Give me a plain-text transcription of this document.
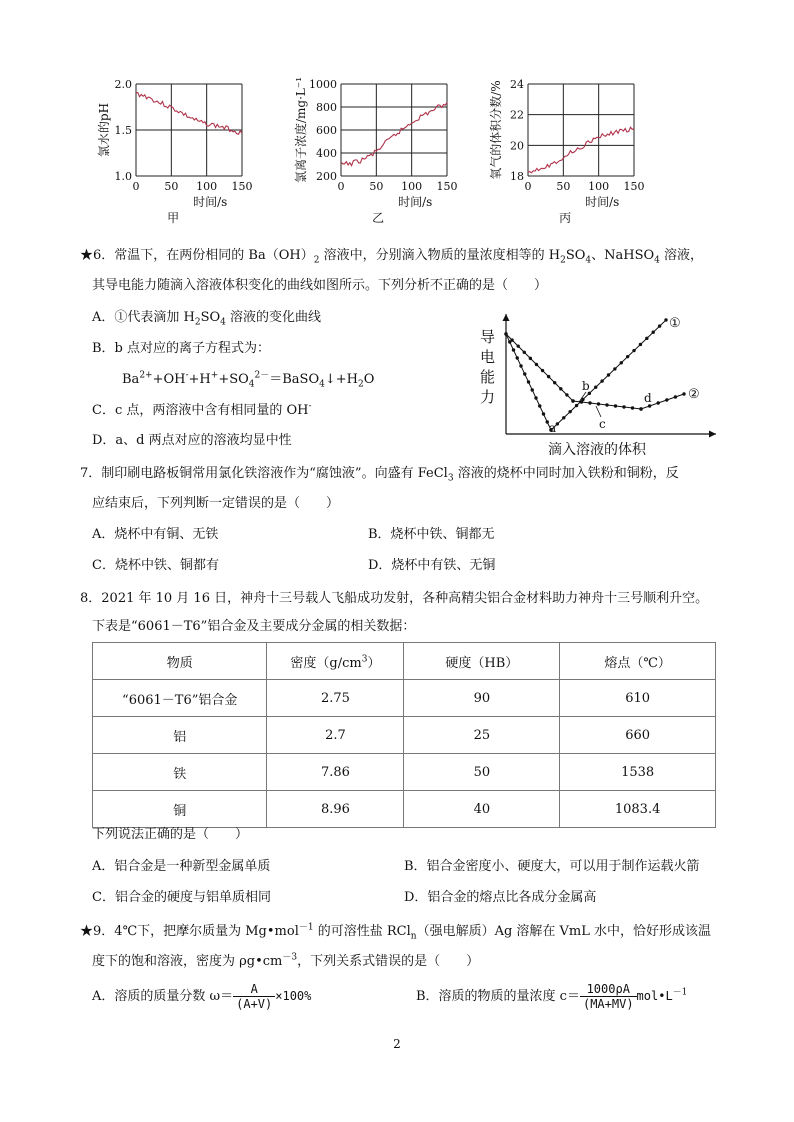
0 50 100 150
2.0
1.5
1.0
氯水的pH
时间/s
甲
0 50 100 150
1000
800
600
400
200
氯离子浓度/mg·L⁻¹
时间/s
乙
0 50 100 150
24
22
20
18
氧气的体积分数/%
时间/s
丙
★6．常温下，在两份相同的 $Ba(OH)_2$ 溶液中，分别滴入物质的量浓度相等的 $H_2SO_4$、NaHSO$_4$ 溶液，
其导电能力随滴入溶液体积变化的曲线如图所示。下列分析不正确的是（　　）
A．①代表滴加 $H_2SO_4$ 溶液的变化曲线
B．b 点对应的离子方程式为：
$Ba^{2+}+OH^-+H^++SO_4^{2-}=BaSO_4↓+H_2O$
C．c 点，两溶液中含有相同量的 OH-
D．a、d 两点对应的溶液均显中性
导
电
能
力
滴入溶液的体积
①
②
a
b
c
d
7．制印刷电路板铜常用氯化铁溶液作为“腐蚀液”。向盛有 FeCl$_3$ 溶液的烧杯中同时加入铁粉和铜粉，反
应结束后，下列判断一定错误的是（　　）
A．烧杯中有铜、无铁	B．烧杯中铁、铜都无
C．烧杯中铁、铜都有	D．烧杯中有铁、无铜
8．2021 年 10 月 16 日，神舟十三号载人飞船成功发射，各种高精尖铝合金材料助力神舟十三号顺利升空。
下表是“6061－T6”铝合金及主要成分金属的相关数据：
物质	密度$(g/cm^3)$	硬度（HB）	熔点（℃）
“6061－T6”铝合金	2.75	90	610
铝	2.7	25	660
铁	7.86	50	1538
铜	8.96	40	1083.4
下列说法正确的是（　　）
A．铝合金是一种新型金属单质	B．铝合金密度小、硬度大，可以用于制作运载火箭
C．铝合金的硬度与铝单质相同	D．铝合金的熔点比各成分金属高
★9．4℃下，把摩尔质量为 Mg•mol$^{-1}$ 的可溶性盐 RCl$_n$（强电解质）Ag 溶解在 VmL 水中，恰好形成该温
度下的饱和溶液，密度为 $\rho g•cm^{-3}$，下列关系式错误的是（　　）
A．溶质的质量分数 $\omega= \frac{A}{(A+V)} \times 100\%$	B．溶质的物质的量浓度 $c= \frac{1000\rho A}{(MA+MV)}$ $mol•L^{-1}$
2
